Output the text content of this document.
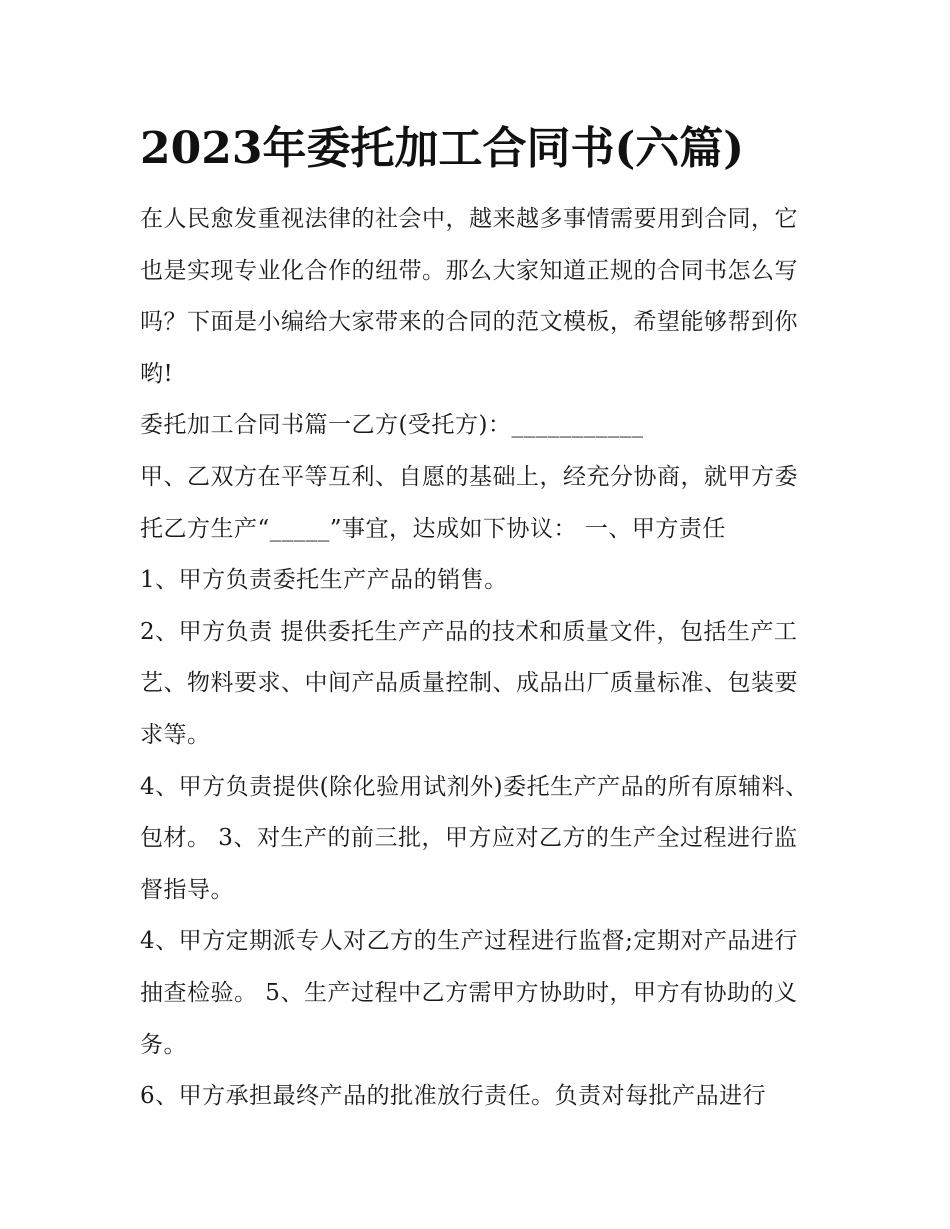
2023年委托加工合同书(六篇)

在人民愈发重视法律的社会中，越来越多事情需要用到合同，它也是实现专业化合作的纽带。那么大家知道正规的合同书怎么写吗？下面是小编给大家带来的合同的范文模板，希望能够帮到你哟!

委托加工合同书篇一乙方(受托方)：___________

甲、乙双方在平等互利、自愿的基础上，经充分协商，就甲方委托乙方生产“_____”事宜，达成如下协议： 一、甲方责任

1、甲方负责委托生产产品的销售。

2、甲方负责 提供委托生产产品的技术和质量文件，包括生产工艺、物料要求、中间产品质量控制、成品出厂质量标准、包装要求等。

4、甲方负责提供(除化验用试剂外)委托生产产品的所有原辅料、包材。 3、对生产的前三批，甲方应对乙方的生产全过程进行监督指导。

4、甲方定期派专人对乙方的生产过程进行监督;定期对产品进行抽查检验。 5、生产过程中乙方需甲方协助时，甲方有协助的义务。

6、甲方承担最终产品的批准放行责任。负责对每批产品进行
